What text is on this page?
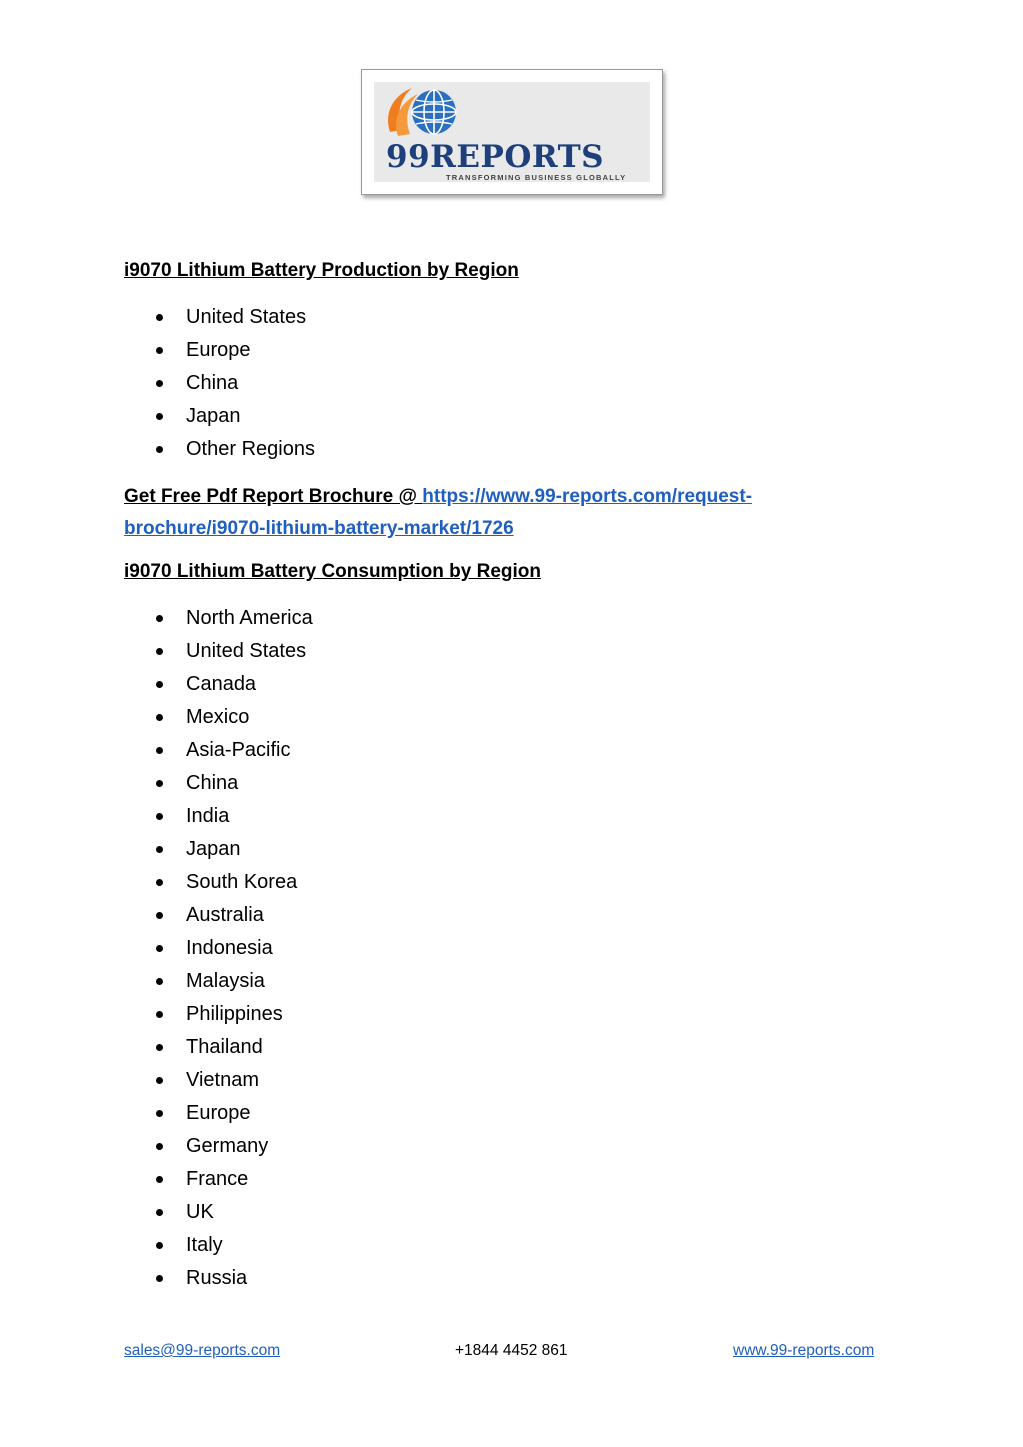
99REPORTS
TRANSFORMING BUSINESS GLOBALLY
i9070 Lithium Battery Production by Region
United States
Europe
China
Japan
Other Regions

Get Free Pdf Report Brochure @ https://www.99-reports.com/request-brochure/i9070-lithium-battery-market/1726

i9070 Lithium Battery Consumption by Region
North America
United States
Canada
Mexico
Asia-Pacific
China
India
Japan
South Korea
Australia
Indonesia
Malaysia
Philippines
Thailand
Vietnam
Europe
Germany
France
UK
Italy
Russia
sales@99-reports.com	+1844 4452 861	www.99-reports.com
